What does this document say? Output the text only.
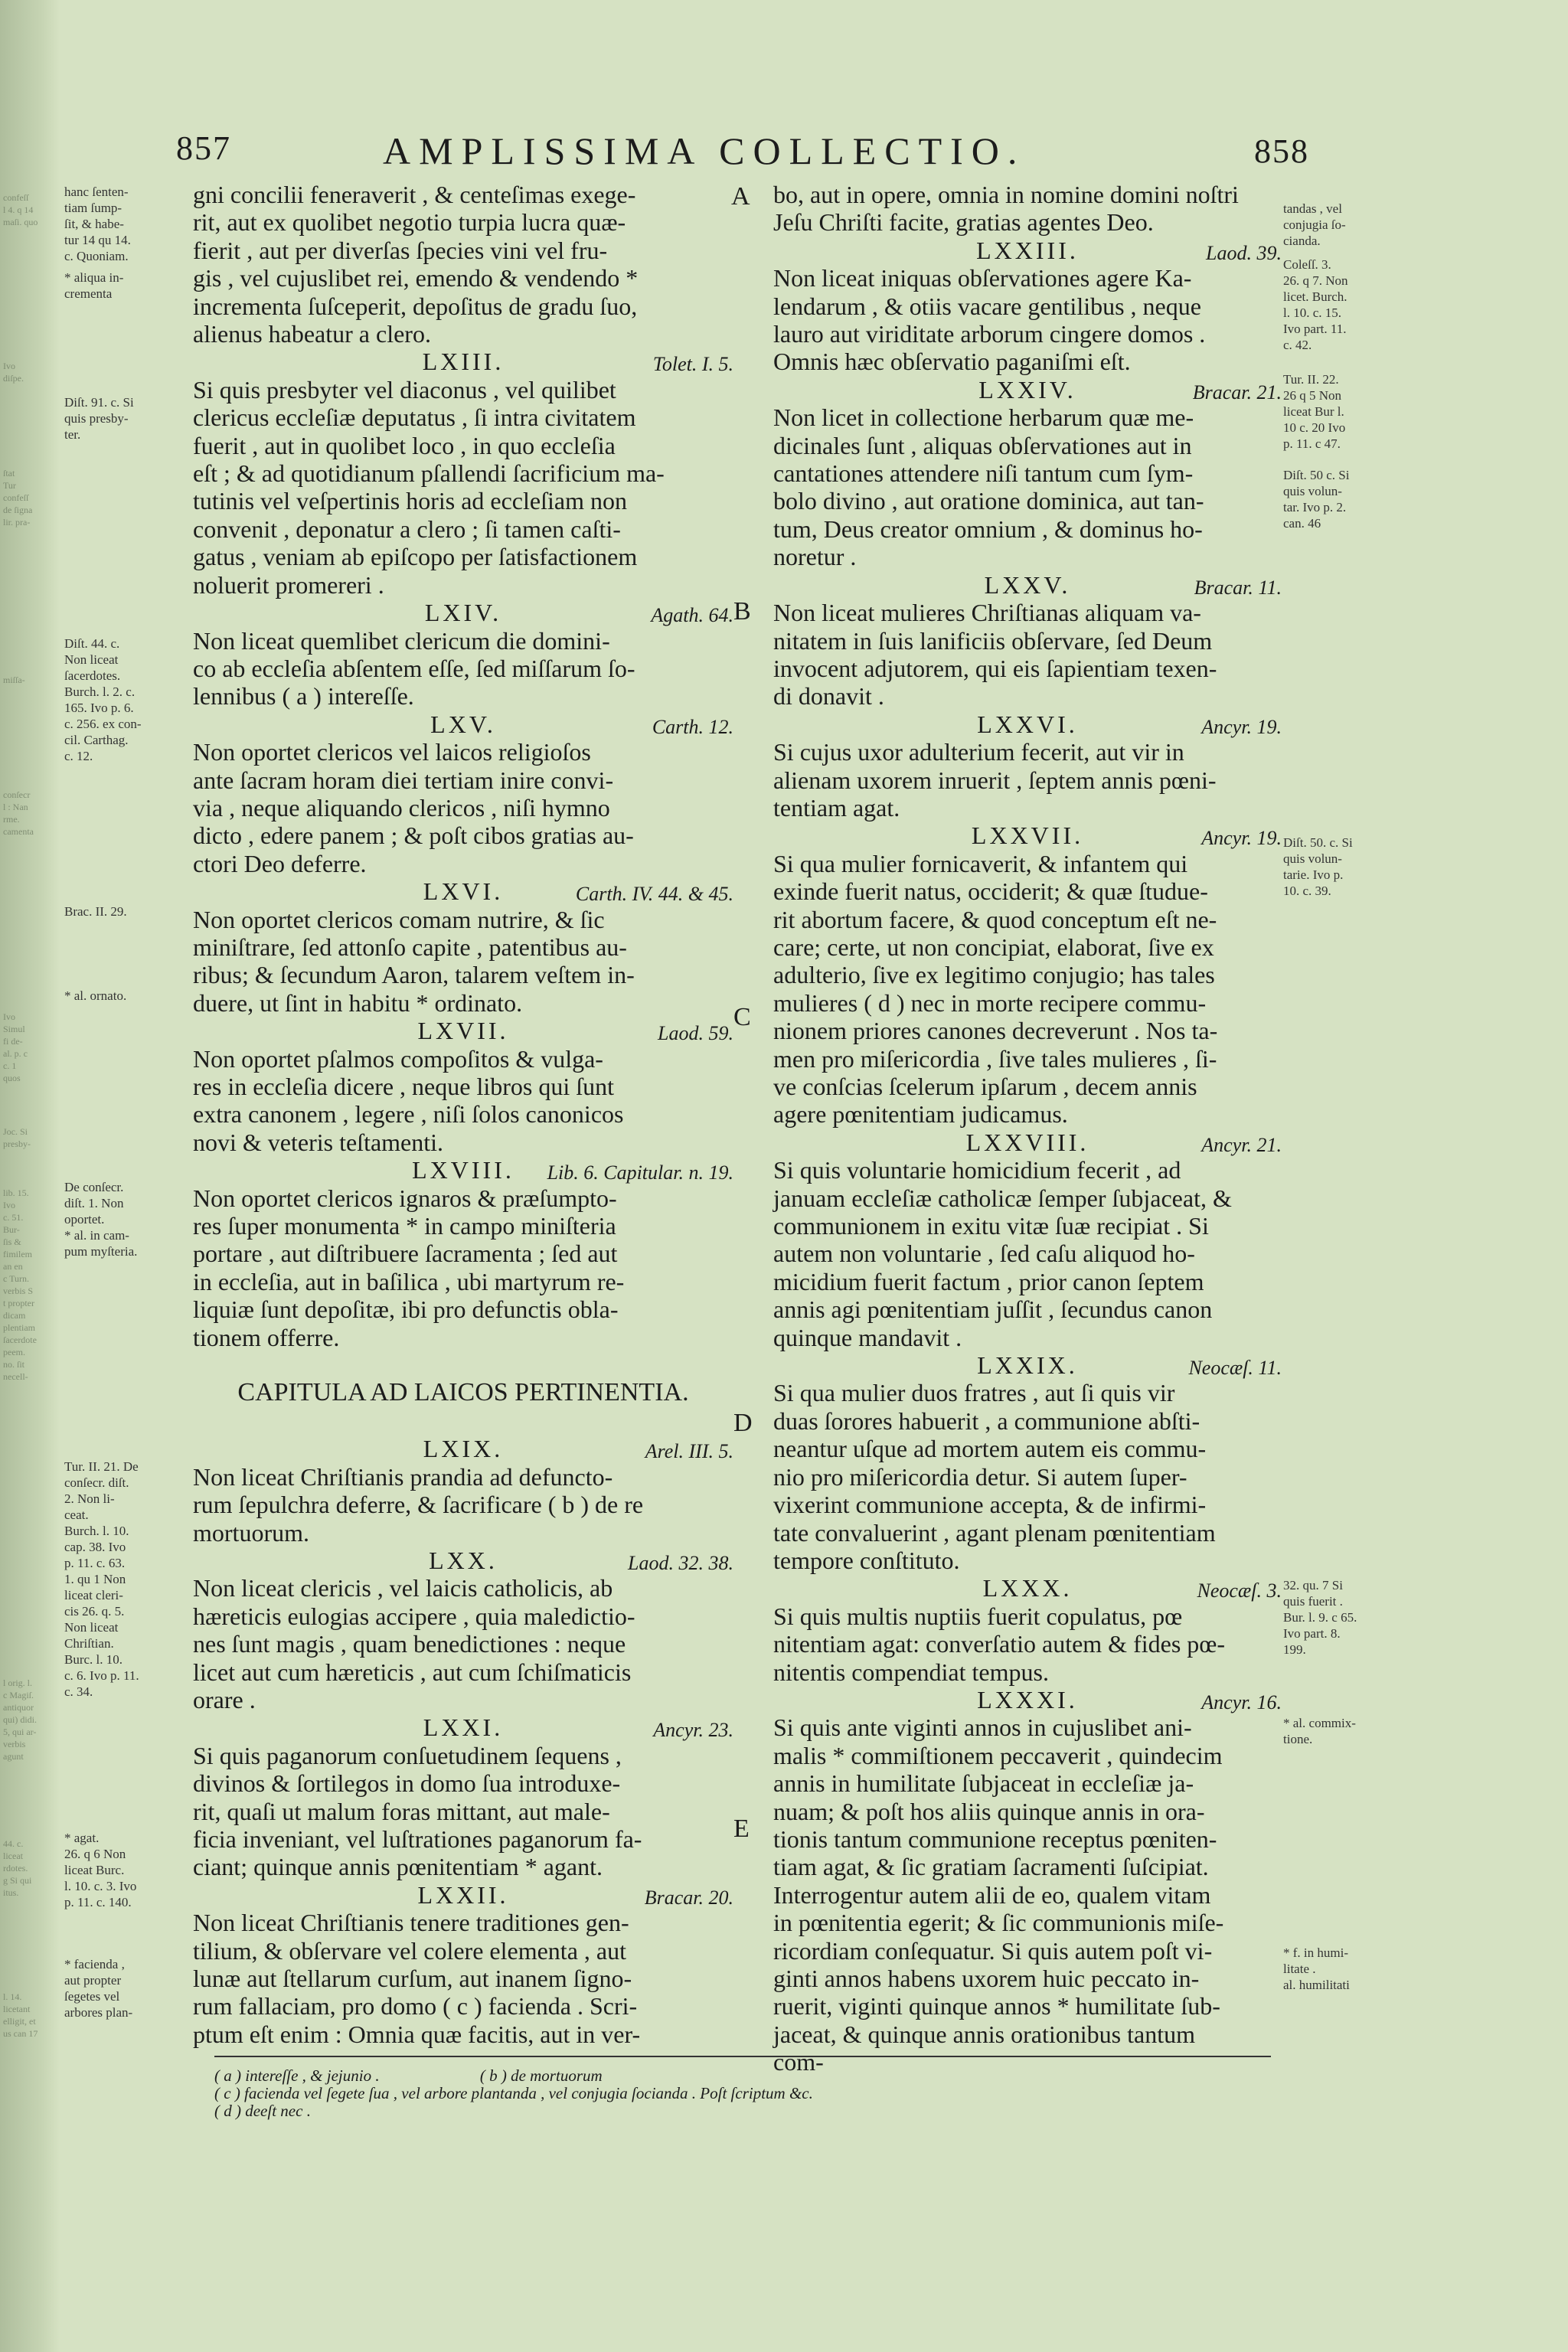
confeſſ
l 4. q 14
maſi. quo
Ivo
diſpe.
ſtat
Tur
confeſſ
de ſigna
lir. pra-
miſſa-
conſecr
l : Nan
rme.
camenta
Ivo
Simul
fi de-
al. p. c
c. 1
quos
Joc. Si
presby-
lib. 15.
Ivo
c. 51.
Bur-
ſis &
fimilem
an en
c Turn.
verbis S
t propter
dicam
plentiam
ſacerdote
peem.
no. ſit
necell-
l orig. l.
c Magiſ.
antiquor
qui) didi.
5, qui ar-
verbis
agunt
44. c.
liceat
rdotes.
g Si qui
itus.
l. 14.
licetant
elligit, et
us can 17
857	AMPLISSIMA COLLECTIO.	858
gni concilii feneraverit , & centeſimas exege-
rit, aut ex quolibet negotio turpia lucra quæ-
fierit , aut per diverſas ſpecies vini vel fru-
gis , vel cujuslibet rei, emendo & vendendo *
incrementa ſuſceperit, depoſitus de gradu ſuo,
alienus habeatur a clero.
LXIII.	Tolet. I. 5.
Si quis presbyter vel diaconus , vel quilibet
clericus eccleſiæ deputatus , ſi intra civitatem
fuerit , aut in quolibet loco , in quo eccleſia
eſt ; & ad quotidianum pſallendi ſacrificium ma-
tutinis vel veſpertinis horis ad eccleſiam non
convenit , deponatur a clero ; ſi tamen caſti-
gatus , veniam ab epiſcopo per ſatisfactionem
noluerit promereri .
LXIV.	Agath. 64.
Non liceat quemlibet clericum die domini-
co ab eccleſia abſentem eſſe, ſed miſſarum ſo-
lennibus ( a ) intereſſe.
LXV.	Carth. 12.
Non oportet clericos vel laicos religioſos
ante ſacram horam diei tertiam inire convi-
via , neque aliquando clericos , niſi hymno
dicto , edere panem ; & poſt cibos gratias au-
ctori Deo deferre.
LXVI.	Carth. IV. 44. & 45.
Non oportet clericos comam nutrire, & ſic
miniſtrare, ſed attonſo capite , patentibus au-
ribus; & ſecundum Aaron, talarem veſtem in-
duere, ut ſint in habitu * ordinato.
LXVII.	Laod. 59.
Non oportet pſalmos compoſitos & vulga-
res in eccleſia dicere , neque libros qui ſunt
extra canonem , legere , niſi ſolos canonicos
novi & veteris teſtamenti.
LXVIII.	Lib. 6. Capitular. n. 19.
Non oportet clericos ignaros & præſumpto-
res ſuper monumenta * in campo miniſteria
portare , aut diſtribuere ſacramenta ; ſed aut
in eccleſia, aut in baſilica , ubi martyrum re-
liquiæ ſunt depoſitæ, ibi pro defunctis obla-
tionem offerre.

CAPITULA AD LAICOS PERTINENTIA.

LXIX.	Arel. III. 5.
Non liceat Chriſtianis prandia ad defuncto-
rum ſepulchra deferre, & ſacrificare ( b ) de re
mortuorum.
LXX.	Laod. 32. 38.
Non liceat clericis , vel laicis catholicis, ab
hæreticis eulogias accipere , quia maledictio-
nes ſunt magis , quam benedictiones : neque
licet aut cum hæreticis , aut cum ſchiſmaticis
orare .
LXXI.	Ancyr. 23.
Si quis paganorum conſuetudinem ſequens ,
divinos & ſortilegos in domo ſua introduxe-
rit, quaſi ut malum foras mittant, aut male-
ficia inveniant, vel luſtrationes paganorum fa-
ciant; quinque annis pœnitentiam * agant.
LXXII.	Bracar. 20.
Non liceat Chriſtianis tenere traditiones gen-
tilium, & obſervare vel colere elementa , aut
lunæ aut ſtellarum curſum, aut inanem ſigno-
rum fallaciam, pro domo ( c ) facienda . Scri-
ptum eſt enim : Omnia quæ facitis, aut in ver-
bo, aut in opere, omnia in nomine domini noſtri
Jeſu Chriſti facite, gratias agentes Deo.
LXXIII.	Laod. 39.
Non liceat iniquas obſervationes agere Ka-
lendarum , & otiis vacare gentilibus , neque
lauro aut viriditate arborum cingere domos .
Omnis hæc obſervatio paganiſmi eſt.
LXXIV.	Bracar. 21.
Non licet in collectione herbarum quæ me-
dicinales ſunt , aliquas obſervationes aut in
cantationes attendere niſi tantum cum ſym-
bolo divino , aut oratione dominica, aut tan-
tum, Deus creator omnium , & dominus ho-
noretur .
LXXV.	Bracar. 11.
Non liceat mulieres Chriſtianas aliquam va-
nitatem in ſuis lanificiis obſervare, ſed Deum
invocent adjutorem, qui eis ſapientiam texen-
di donavit .
LXXVI.	Ancyr. 19.
Si cujus uxor adulterium fecerit, aut vir in
alienam uxorem inruerit , ſeptem annis pœni-
tentiam agat.
LXXVII.	Ancyr. 19.
Si qua mulier fornicaverit, & infantem qui
exinde fuerit natus, occiderit; & quæ ſtudue-
rit abortum facere, & quod conceptum eſt ne-
care; certe, ut non concipiat, elaborat, ſive ex
adulterio, ſive ex legitimo conjugio; has tales
mulieres ( d ) nec in morte recipere commu-
nionem priores canones decreverunt . Nos ta-
men pro miſericordia , ſive tales mulieres , ſi-
ve conſcias ſcelerum ipſarum , decem annis
agere pœnitentiam judicamus.
LXXVIII.	Ancyr. 21.
Si quis voluntarie homicidium fecerit , ad
januam eccleſiæ catholicæ ſemper ſubjaceat, &
communionem in exitu vitæ ſuæ recipiat . Si
autem non voluntarie , ſed caſu aliquod ho-
micidium fuerit factum , prior canon ſeptem
annis agi pœnitentiam juſſit , ſecundus canon
quinque mandavit .
LXXIX.	Neocæſ. 11.
Si qua mulier duos fratres , aut ſi quis vir
duas ſorores habuerit , a communione abſti-
neantur uſque ad mortem autem eis commu-
nio pro miſericordia detur. Si autem ſuper-
vixerint communione accepta, & de infirmi-
tate convaluerint , agant plenam pœnitentiam
tempore conſtituto.
LXXX.	Neocæſ. 3.
Si quis multis nuptiis fuerit copulatus, pœ
nitentiam agat: converſatio autem & fides pœ-
nitentis compendiat tempus.
LXXXI.	Ancyr. 16.
Si quis ante viginti annos in cujuslibet ani-
malis * commiſtionem peccaverit , quindecim
annis in humilitate ſubjaceat in eccleſiæ ja-
nuam; & poſt hos aliis quinque annis in ora-
tionis tantum communione receptus pœniten-
tiam agat, & ſic gratiam ſacramenti ſuſcipiat.
Interrogentur autem alii de eo, qualem vitam
in pœnitentia egerit; & ſic communionis miſe-
ricordiam conſequatur. Si quis autem poſt vi-
ginti annos habens uxorem huic peccato in-
ruerit, viginti quinque annos * humilitate ſub-
jaceat, & quinque annis orationibus tantum
com-
A
B
C
D
E
hanc ſenten-
tiam ſump-
ſit, & habe-
tur 14 qu 14.
c. Quoniam.
* aliqua in-
crementa
Diſt. 91. c. Si
quis presby-
ter.
Diſt. 44. c.
Non liceat
ſacerdotes.
Burch. l. 2. c.
165. Ivo p. 6.
c. 256. ex con-
cil. Carthag.
c. 12.
Brac. II. 29.
* al. ornato.
De conſecr.
diſt. 1. Non
oportet.
* al. in cam-
pum myſteria.
Tur. II. 21. De
conſecr. diſt.
2. Non li-
ceat.
Burch. l. 10.
cap. 38. Ivo
p. 11. c. 63.
1. qu 1 Non
liceat cleri-
cis 26. q. 5.
Non liceat
Chriſtian.
Burc. l. 10.
c. 6. Ivo p. 11.
c. 34.
* agat.
26. q 6 Non
liceat Burc.
l. 10. c. 3. Ivo
p. 11. c. 140.
* facienda ,
aut propter
ſegetes vel
arbores plan-
tandas , vel
conjugia ſo-
cianda.
Coleſſ. 3.
26. q 7. Non
licet. Burch.
l. 10. c. 15.
Ivo part. 11.
c. 42.
Tur. II. 22.
26 q 5 Non
liceat Bur l.
10 c. 20 Ivo
p. 11. c 47.
Diſt. 50 c. Si
quis volun-
tar. Ivo p. 2.
can. 46
Diſt. 50. c. Si
quis volun-
tarie. Ivo p.
10. c. 39.
32. qu. 7 Si
quis fuerit .
Bur. l. 9. c 65.
Ivo part. 8.
199.
* al. commix-
tione.
* f. in humi-
litate .
al. humilitati
( a ) intereſſe , & jejunio .                         ( b ) de mortuorum
( c ) facienda vel ſegete ſua , vel arbore plantanda , vel conjugia ſocianda . Poſt ſcriptum &c.
( d ) deeſt nec .
